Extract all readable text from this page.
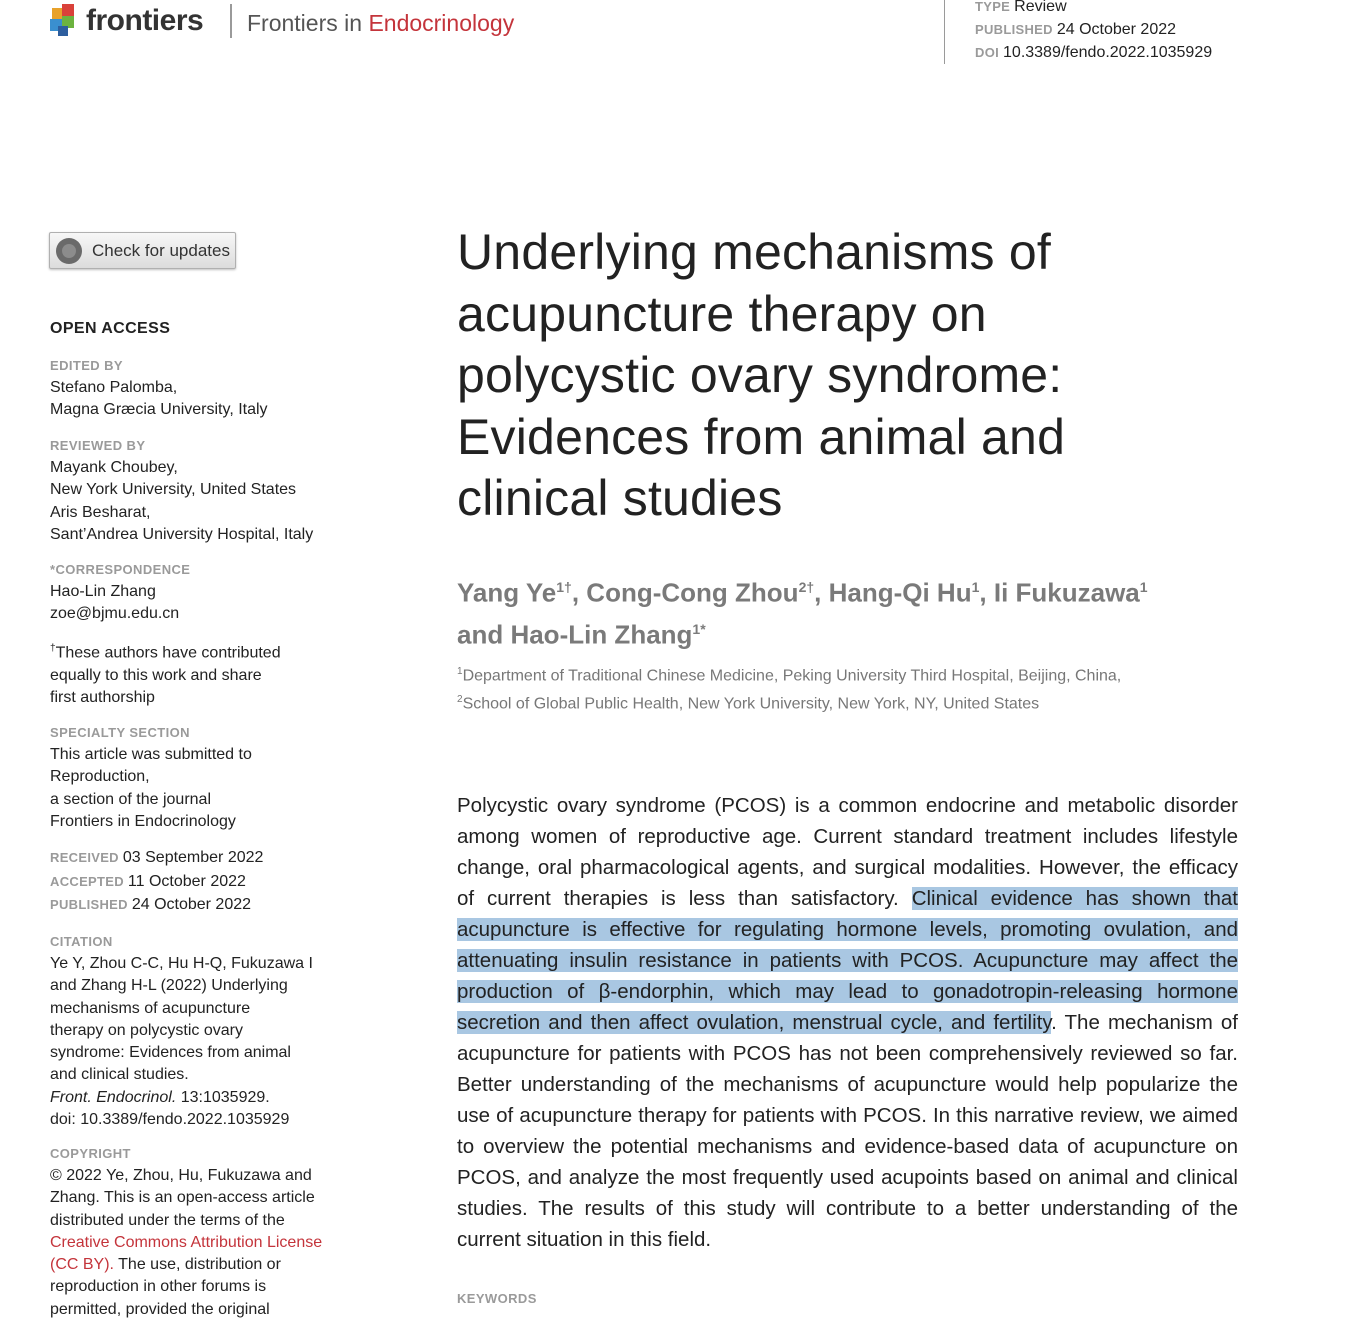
frontiers Frontiers in Endocrinology
TYPE Review
PUBLISHED 24 October 2022
DOI 10.3389/fendo.2022.1035929
Check for updates
OPEN ACCESS
EDITED BY
Stefano Palomba,
Magna Græcia University, Italy
REVIEWED BY
Mayank Choubey,
New York University, United States
Aris Besharat,
Sant’Andrea University Hospital, Italy
*CORRESPONDENCE
Hao-Lin Zhang
zoe@bjmu.edu.cn
†These authors have contributed
equally to this work and share
first authorship
SPECIALTY SECTION
This article was submitted to
Reproduction,
a section of the journal
Frontiers in Endocrinology
RECEIVED 03 September 2022
ACCEPTED 11 October 2022
PUBLISHED 24 October 2022
CITATION
Ye Y, Zhou C-C, Hu H-Q, Fukuzawa I
and Zhang H-L (2022) Underlying
mechanisms of acupuncture
therapy on polycystic ovary
syndrome: Evidences from animal
and clinical studies.
Front. Endocrinol. 13:1035929.
doi: 10.3389/fendo.2022.1035929
COPYRIGHT
© 2022 Ye, Zhou, Hu, Fukuzawa and
Zhang. This is an open-access article
distributed under the terms of the
Creative Commons Attribution License
(CC BY). The use, distribution or
reproduction in other forums is
permitted, provided the original
Underlying mechanisms of acupuncture therapy on polycystic ovary syndrome: Evidences from animal and clinical studies
Yang $Ye^{1\dagger}$, Cong-Cong Zhou$^{2\dagger}$, Hang-Qi Hu$^1$, Ii Fukuzawa$^1$
and Hao-Lin Zhang$^{1*}$
$^1$Department of Traditional Chinese Medicine, Peking University Third Hospital, Beijing, China,
$^2$School of Global Public Health, New York University, New York, NY, United States

Polycystic ovary syndrome (PCOS) is a common endocrine and metabolic disorder among women of reproductive age. Current standard treatment includes lifestyle change, oral pharmacological agents, and surgical modalities. However, the efficacy of current therapies is less than satisfactory. Clinical evidence has shown that acupuncture is effective for regulating hormone levels, promoting ovulation, and attenuating insulin resistance in patients with PCOS. Acupuncture may affect the production of β-endorphin, which may lead to gonadotropin-releasing hormone secretion and then affect ovulation, menstrual cycle, and fertility. The mechanism of acupuncture for patients with PCOS has not been comprehensively reviewed so far. Better understanding of the mechanisms of acupuncture would help popularize the use of acupuncture therapy for patients with PCOS. In this narrative review, we aimed to overview the potential mechanisms and evidence-based data of acupuncture on PCOS, and analyze the most frequently used acupoints based on animal and clinical studies. The results of this study will contribute to a better understanding of the current situation in this field.

KEYWORDS
